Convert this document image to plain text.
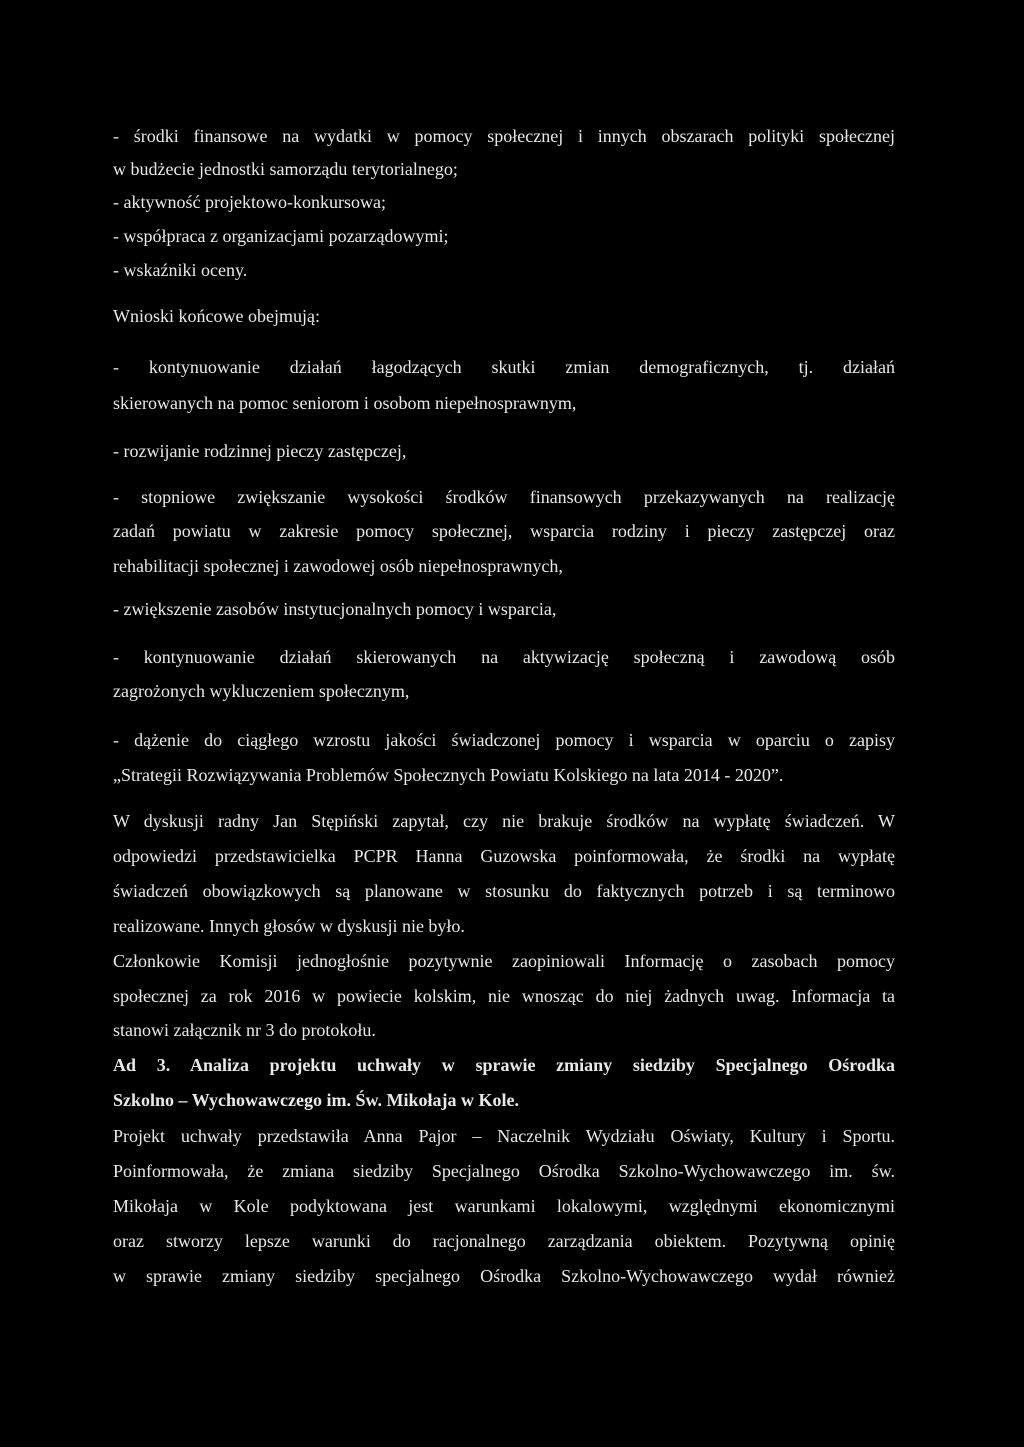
- środki finansowe na wydatki w pomocy społecznej i innych obszarach polityki społecznej

w budżecie jednostki samorządu terytorialnego;

- aktywność projektowo-konkursowa;

- współpraca z organizacjami pozarządowymi;

- wskaźniki oceny.

Wnioski końcowe obejmują:

- kontynuowanie działań łagodzących skutki zmian demograficznych, tj. działań

skierowanych na pomoc seniorom i osobom niepełnosprawnym,

- rozwijanie rodzinnej pieczy zastępczej,

- stopniowe zwiększanie wysokości środków finansowych przekazywanych na realizację

zadań powiatu w zakresie pomocy społecznej, wsparcia rodziny i pieczy zastępczej oraz

rehabilitacji społecznej i zawodowej osób niepełnosprawnych,

- zwiększenie zasobów instytucjonalnych pomocy i wsparcia,

- kontynuowanie działań skierowanych na aktywizację społeczną i zawodową osób

zagrożonych wykluczeniem społecznym,

- dążenie do ciągłego wzrostu jakości świadczonej pomocy i wsparcia w oparciu o zapisy

„Strategii Rozwiązywania Problemów Społecznych Powiatu Kolskiego na lata 2014 - 2020”.

W dyskusji radny Jan Stępiński zapytał, czy nie brakuje środków na wypłatę świadczeń. W

odpowiedzi przedstawicielka PCPR Hanna Guzowska poinformowała, że środki na wypłatę

świadczeń obowiązkowych są planowane w stosunku do faktycznych potrzeb i są terminowo

realizowane. Innych głosów w dyskusji nie było.

Członkowie Komisji jednogłośnie pozytywnie zaopiniowali Informację o zasobach pomocy

społecznej za rok 2016 w powiecie kolskim, nie wnosząc do niej żadnych uwag. Informacja ta

stanowi załącznik nr 3 do protokołu.

Ad 3. Analiza projektu uchwały w sprawie zmiany siedziby Specjalnego Ośrodka

Szkolno – Wychowawczego im. Św. Mikołaja w Kole.

Projekt uchwały przedstawiła Anna Pajor – Naczelnik Wydziału Oświaty, Kultury i Sportu.

Poinformowała, że zmiana siedziby Specjalnego Ośrodka Szkolno-Wychowawczego im. św.

Mikołaja w Kole podyktowana jest warunkami lokalowymi, względnymi ekonomicznymi

oraz stworzy lepsze warunki do racjonalnego zarządzania obiektem. Pozytywną opinię

w sprawie zmiany siedziby specjalnego Ośrodka Szkolno-Wychowawczego wydał również
